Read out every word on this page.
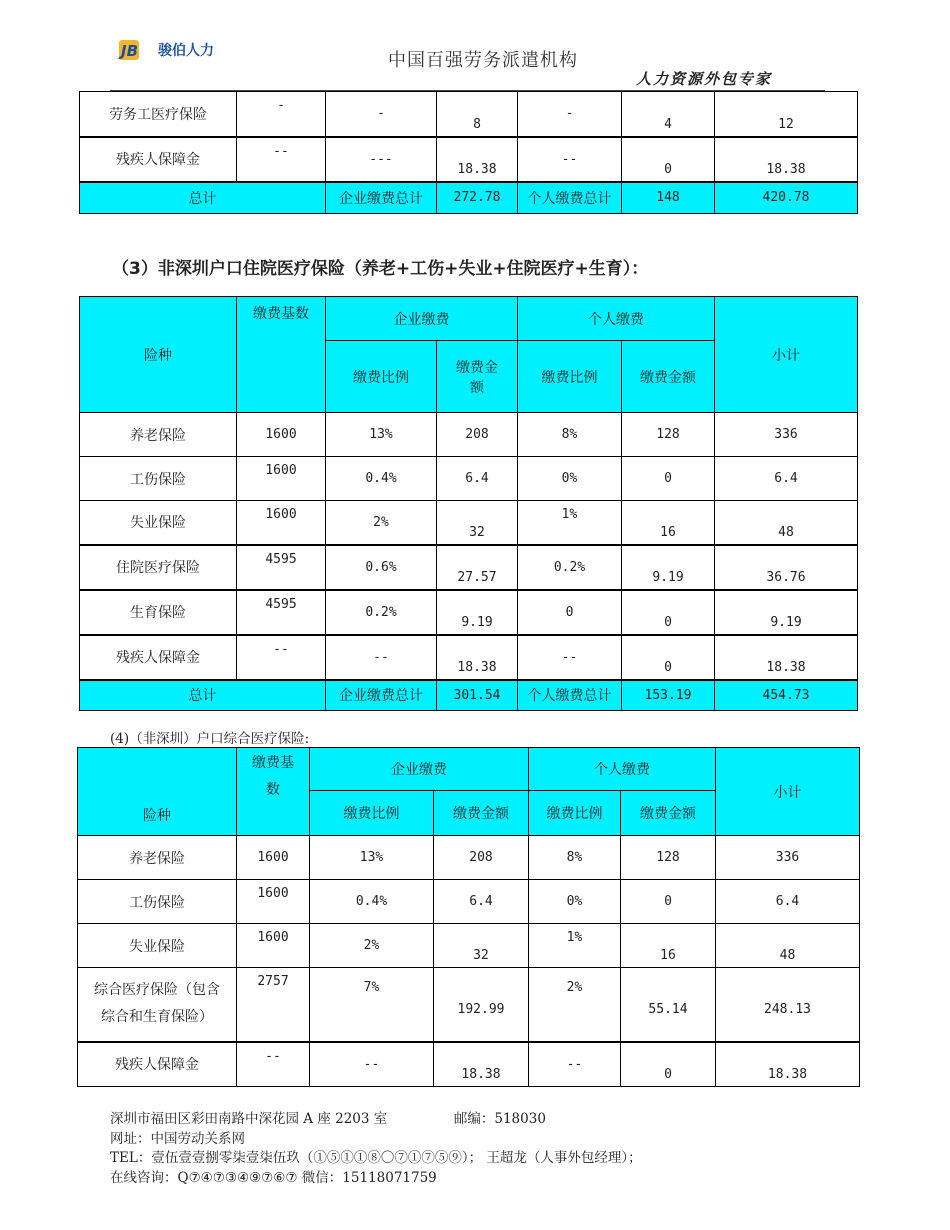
JB 骏伯人力	中国百强劳务派遣机构
人力资源外包专家
劳务工医疗保险	-	-	8	-	4	12
残疾人保障金	--	---	18.38	--	0	18.38
总计		企业缴费总计	272.78	个人缴费总计	148	420.78
（3）非深圳户口住院医疗保险（养老+工伤+失业+住院医疗+生育）：
险种	缴费基数	企业缴费		个人缴费		小计
		缴费比例	缴费金
额	缴费比例	缴费金额	
养老保险	1600	13%	208	8%	128	336
工伤保险	1600	0.4%	6.4	0%	0	6.4
失业保险	1600	2%	32	1%	16	48
住院医疗保险	4595	0.6%	27.57	0.2%	9.19	36.76
生育保险	4595	0.2%	9.19	0	0	9.19
残疾人保障金	--	--	18.38	--	0	18.38
总计		企业缴费总计	301.54	个人缴费总计	153.19	454.73
(4)（非深圳）户口综合医疗保险:
险种	缴费基
数	企业缴费		个人缴费		小计
		缴费比例	缴费金额	缴费比例	缴费金额	
养老保险	1600	13%	208	8%	128	336
工伤保险	1600	0.4%	6.4	0%	0	6.4
失业保险	1600	2%	32	1%	16	48
综合医疗保险（包含
综合和生育保险）	2757	7%	192.99	2%	55.14	248.13
残疾人保障金	--	--	18.38	--	0	18.38
深圳市福田区彩田南路中深花园 A 座 2203 室	邮编：518030
网址：中国劳动关系网
TEL：壹伍壹壹捌零柒壹柒伍玖（①⑤①①⑧〇⑦①⑦⑤⑨）； 王超龙（人事外包经理）；
在线咨询：Q⑦④⑦③④⑨⑦⑥⑦ 微信：15118071759
